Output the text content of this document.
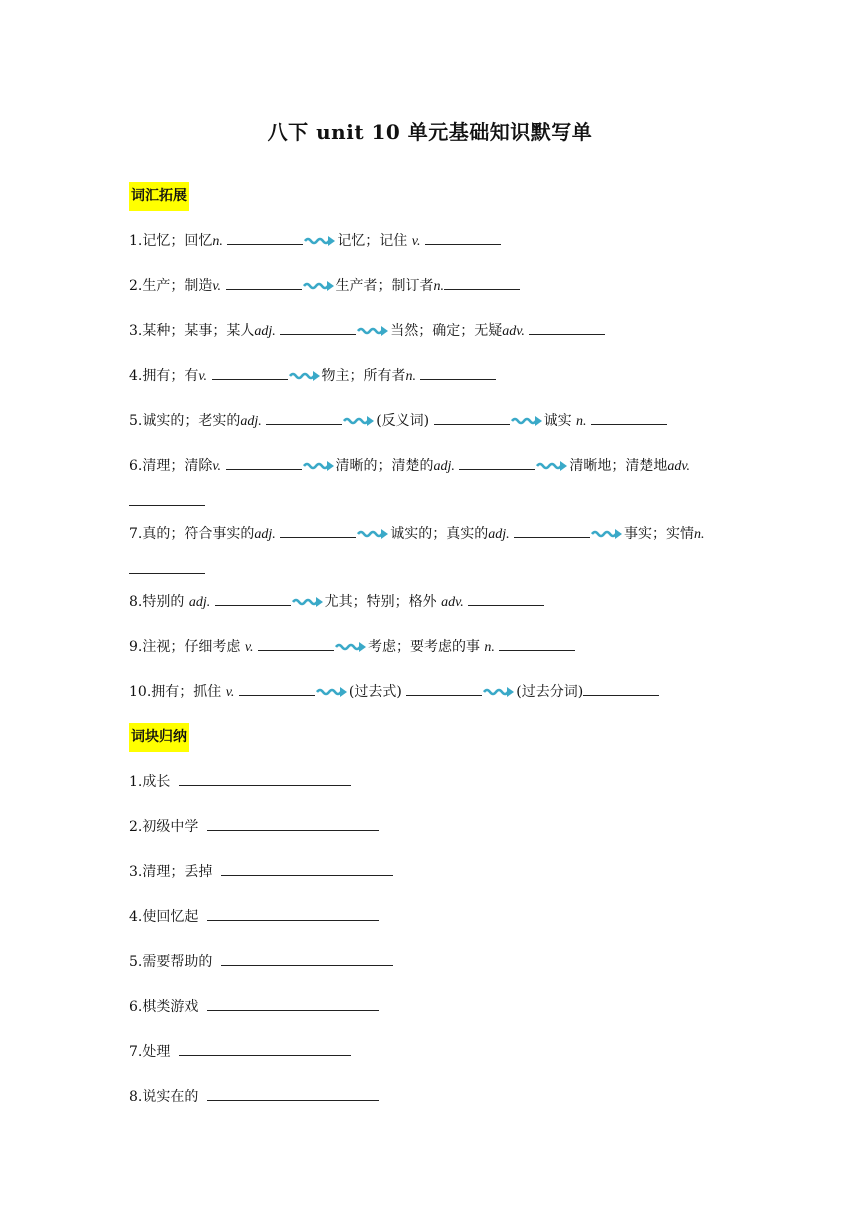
八下 unit 10 单元基础知识默写单
词汇拓展
1.记忆；回忆n.	记忆；记住 v.
2.生产；制造v.	生产者；制订者n.
3.某种；某事；某人adj.	当然；确定；无疑adv.
4.拥有；有v.	物主；所有者n.
5.诚实的；老实的adj.	(反义词)	诚实 n.
6.清理；清除v.	清晰的；清楚的adj.	清晰地；清楚地adv.
7.真的；符合事实的adj.	诚实的；真实的adj.	事实；实情n.
8.特别的 adj.	尤其；特别；格外 adv.
9.注视；仔细考虑 v.	考虑；要考虑的事 n.
10.拥有；抓住 v.	(过去式)	(过去分词)
词块归纳
1.成长
2.初级中学
3.清理；丢掉
4.使回忆起
5.需要帮助的
6.棋类游戏
7.处理
8.说实在的
